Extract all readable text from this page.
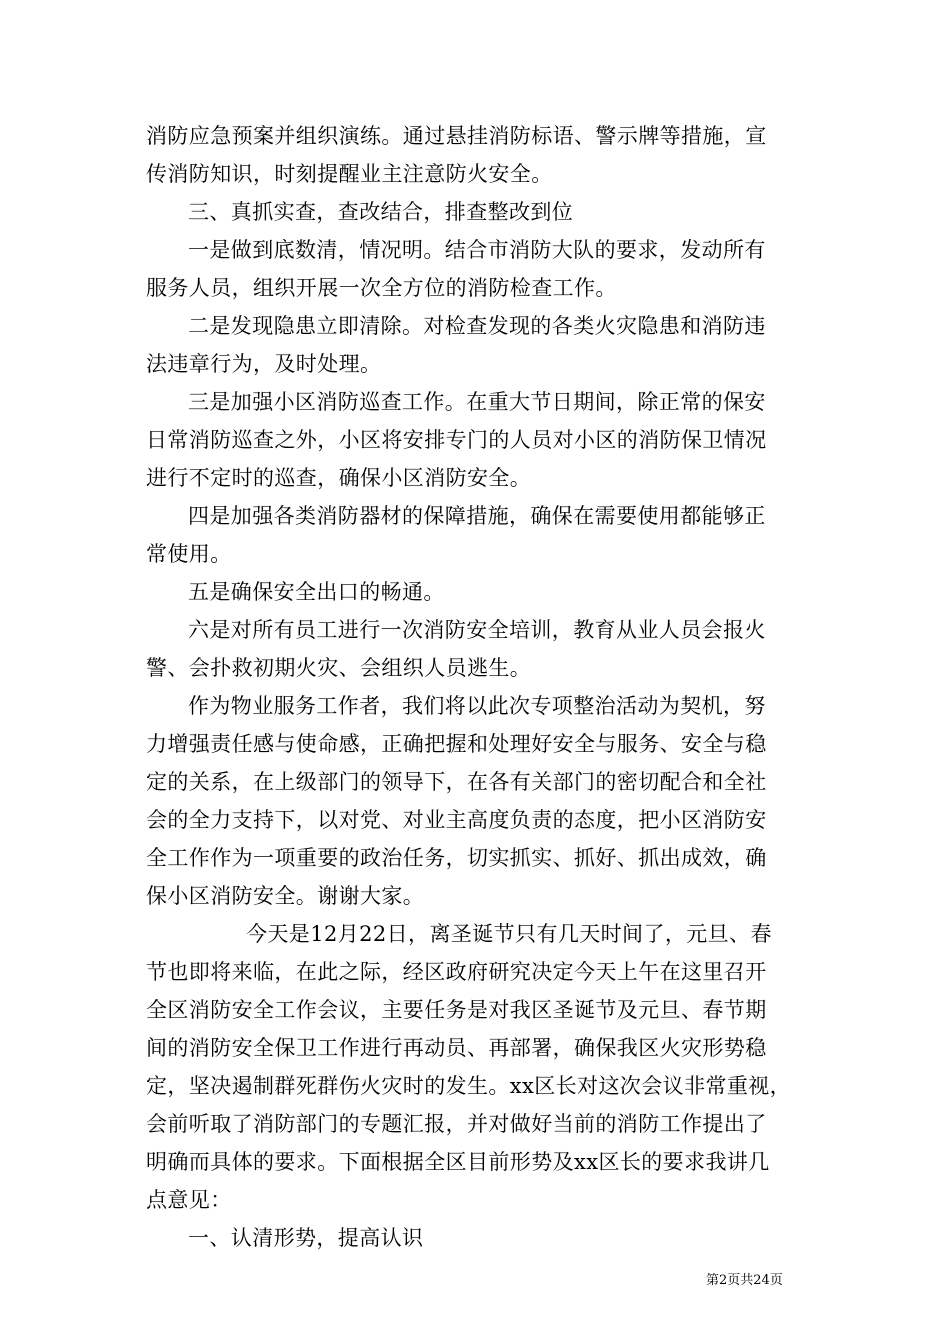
消防应急预案并组织演练。通过悬挂消防标语、警示牌等措施，宣
传消防知识，时刻提醒业主注意防火安全。
三、真抓实查，查改结合，排查整改到位
一是做到底数清，情况明。结合市消防大队的要求，发动所有
服务人员，组织开展一次全方位的消防检查工作。
二是发现隐患立即清除。对检查发现的各类火灾隐患和消防违
法违章行为，及时处理。
三是加强小区消防巡查工作。在重大节日期间，除正常的保安
日常消防巡查之外，小区将安排专门的人员对小区的消防保卫情况
进行不定时的巡查，确保小区消防安全。
四是加强各类消防器材的保障措施，确保在需要使用都能够正
常使用。
五是确保安全出口的畅通。
六是对所有员工进行一次消防安全培训，教育从业人员会报火
警、会扑救初期火灾、会组织人员逃生。
作为物业服务工作者，我们将以此次专项整治活动为契机，努
力增强责任感与使命感，正确把握和处理好安全与服务、安全与稳
定的关系，在上级部门的领导下，在各有关部门的密切配合和全社
会的全力支持下，以对党、对业主高度负责的态度，把小区消防安
全工作作为一项重要的政治任务，切实抓实、抓好、抓出成效，确
保小区消防安全。谢谢大家。
今天是12月22日，离圣诞节只有几天时间了，元旦、春
节也即将来临，在此之际，经区政府研究决定今天上午在这里召开
全区消防安全工作会议，主要任务是对我区圣诞节及元旦、春节期
间的消防安全保卫工作进行再动员、再部署，确保我区火灾形势稳
定，坚决遏制群死群伤火灾时的发生。xx区长对这次会议非常重视，
会前听取了消防部门的专题汇报，并对做好当前的消防工作提出了
明确而具体的要求。下面根据全区目前形势及xx区长的要求我讲几
点意见：
一、认清形势，提高认识
第2页共24页
